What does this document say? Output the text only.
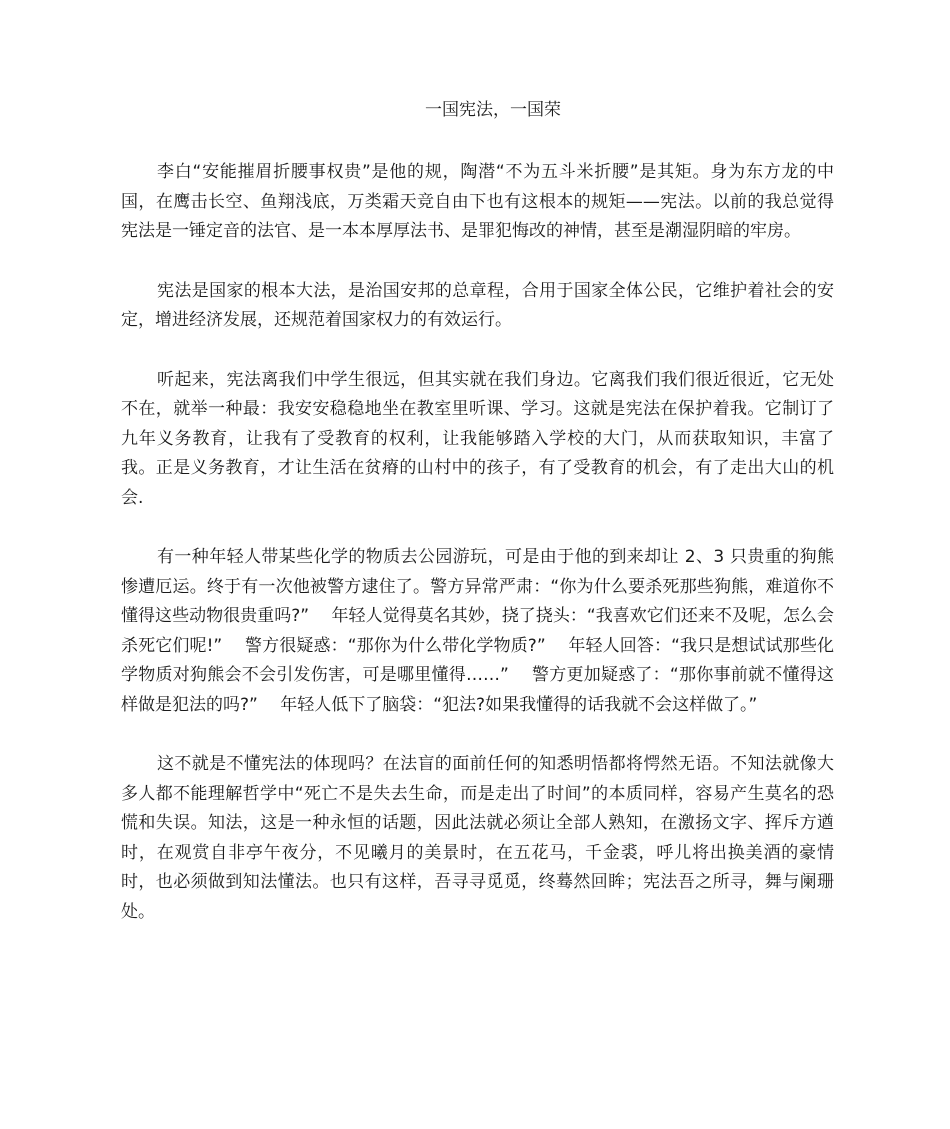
一国宪法，一国荣

李白“安能摧眉折腰事权贵”是他的规，陶潜“不为五斗米折腰”是其矩。身为东方龙的中国，在鹰击长空、鱼翔浅底，万类霜天竞自由下也有这根本的规矩——宪法。以前的我总觉得宪法是一锤定音的法官、是一本本厚厚法书、是罪犯悔改的神情，甚至是潮湿阴暗的牢房。

宪法是国家的根本大法，是治国安邦的总章程，合用于国家全体公民，它维护着社会的安定，增进经济发展，还规范着国家权力的有效运行。

听起来，宪法离我们中学生很远，但其实就在我们身边。它离我们我们很近很近，它无处不在，就举一种最：我安安稳稳地坐在教室里听课、学习。这就是宪法在保护着我。它制订了九年义务教育，让我有了受教育的权利，让我能够踏入学校的大门，从而获取知识，丰富了我。正是义务教育，才让生活在贫瘠的山村中的孩子，有了受教育的机会，有了走出大山的机会.

有一种年轻人带某些化学的物质去公园游玩，可是由于他的到来却让 2、3 只贵重的狗熊惨遭厄运。终于有一次他被警方逮住了。警方异常严肃：“你为什么要杀死那些狗熊，难道你不懂得这些动物很贵重吗?”　 年轻人觉得莫名其妙，挠了挠头：“我喜欢它们还来不及呢，怎么会杀死它们呢!”　 警方很疑惑：“那你为什么带化学物质?”　 年轻人回答：“我只是想试试那些化学物质对狗熊会不会引发伤害，可是哪里懂得……”　 警方更加疑惑了：“那你事前就不懂得这样做是犯法的吗?”　 年轻人低下了脑袋：“犯法?如果我懂得的话我就不会这样做了。”

这不就是不懂宪法的体现吗？在法盲的面前任何的知悉明悟都将愕然无语。不知法就像大多人都不能理解哲学中“死亡不是失去生命，而是走出了时间”的本质同样，容易产生莫名的恐慌和失误。知法，这是一种永恒的话题，因此法就必须让全部人熟知，在激扬文字、挥斥方遒时，在观赏自非亭午夜分，不见曦月的美景时，在五花马，千金裘，呼儿将出换美酒的豪情时，也必须做到知法懂法。也只有这样，吾寻寻觅觅，终蓦然回眸；宪法吾之所寻，舞与阑珊处。
